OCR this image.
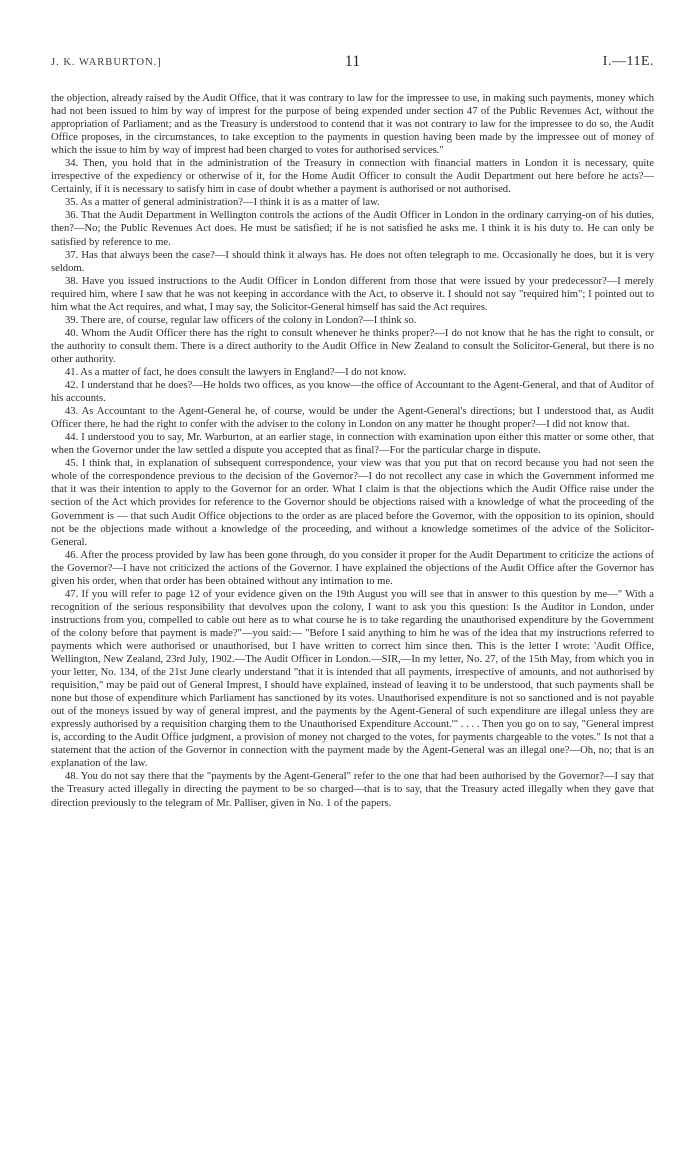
J. K. WARBURTON.]	11	I.—11E.

the objection, already raised by the Audit Office, that it was contrary to law for the impressee to use, in making such payments, money which had not been issued to him by way of imprest for the purpose of being expended under section 47 of the Public Revenues Act, without the appropriation of Parliament; and as the Treasury is understood to contend that it was not contrary to law for the impressee to do so, the Audit Office proposes, in the circumstances, to take exception to the payments in question having been made by the impressee out of money of which the issue to him by way of imprest had been charged to votes for authorised services."

34. Then, you hold that in the administration of the Treasury in connection with financial matters in London it is necessary, quite irrespective of the expediency or otherwise of it, for the Home Audit Officer to consult the Audit Department out here before he acts?—Certainly, if it is necessary to satisfy him in case of doubt whether a payment is authorised or not authorised.

35. As a matter of general administration?—I think it is as a matter of law.

36. That the Audit Department in Wellington controls the actions of the Audit Officer in London in the ordinary carrying-on of his duties, then?—No; the Public Revenues Act does. He must be satisfied; if he is not satisfied he asks me. I think it is his duty to. He can only be satisfied by reference to me.

37. Has that always been the case?—I should think it always has. He does not often telegraph to me. Occasionally he does, but it is very seldom.

38. Have you issued instructions to the Audit Officer in London different from those that were issued by your predecessor?—I merely required him, where I saw that he was not keeping in accordance with the Act, to observe it. I should not say "required him"; I pointed out to him what the Act requires, and what, I may say, the Solicitor-General himself has said the Act requires.

39. There are, of course, regular law officers of the colony in London?—I think so.

40. Whom the Audit Officer there has the right to consult whenever he thinks proper?—I do not know that he has the right to consult, or the authority to consult them. There is a direct authority to the Audit Office in New Zealand to consult the Solicitor-General, but there is no other authority.

41. As a matter of fact, he does consult the lawyers in England?—I do not know.

42. I understand that he does?—He holds two offices, as you know—the office of Accountant to the Agent-General, and that of Auditor of his accounts.

43. As Accountant to the Agent-General he, of course, would be under the Agent-General's directions; but I understood that, as Audit Officer there, he had the right to confer with the adviser to the colony in London on any matter he thought proper?—I did not know that.

44. I understood you to say, Mr. Warburton, at an earlier stage, in connection with examination upon either this matter or some other, that when the Governor under the law settled a dispute you accepted that as final?—For the particular charge in dispute.

45. I think that, in explanation of subsequent correspondence, your view was that you put that on record because you had not seen the whole of the correspondence previous to the decision of the Governor?—I do not recollect any case in which the Government informed me that it was their intention to apply to the Governor for an order. What I claim is that the objections which the Audit Office raise under the section of the Act which provides for reference to the Governor should be objections raised with a knowledge of what the proceeding of the Government is — that such Audit Office objections to the order as are placed before the Governor, with the opposition to its opinion, should not be the objections made without a knowledge of the proceeding, and without a knowledge sometimes of the advice of the Solicitor-General.

46. After the process provided by law has been gone through, do you consider it proper for the Audit Department to criticize the actions of the Governor?—I have not criticized the actions of the Governor. I have explained the objections of the Audit Office after the Governor has given his order, when that order has been obtained without any intimation to me.

47. If you will refer to page 12 of your evidence given on the 19th August you will see that in answer to this question by me—" With a recognition of the serious responsibility that devolves upon the colony, I want to ask you this question: Is the Auditor in London, under instructions from you, compelled to cable out here as to what course he is to take regarding the unauthorised expenditure by the Government of the colony before that payment is made?"—you said:— "Before I said anything to him he was of the idea that my instructions referred to payments which were authorised or unauthorised, but I have written to correct him since then. This is the letter I wrote: 'Audit Office, Wellington, New Zealand, 23rd July, 1902.—The Audit Officer in London.—SIR,—In my letter, No. 27, of the 15th May, from which you in your letter, No. 134, of the 21st June clearly understand "that it is intended that all payments, irrespective of amounts, and not authorised by requisition," may be paid out of General Imprest, I should have explained, instead of leaving it to be understood, that such payments shall be none but those of expenditure which Parliament has sanctioned by its votes. Unauthorised expenditure is not so sanctioned and is not payable out of the moneys issued by way of general imprest, and the payments by the Agent-General of such expenditure are illegal unless they are expressly authorised by a requisition charging them to the Unauthorised Expenditure Account.'" . . . . Then you go on to say, "General imprest is, according to the Audit Office judgment, a provision of money not charged to the votes, for payments chargeable to the votes." Is not that a statement that the action of the Governor in connection with the payment made by the Agent-General was an illegal one?—Oh, no; that is an explanation of the law.

48. You do not say there that the "payments by the Agent-General" refer to the one that had been authorised by the Governor?—I say that the Treasury acted illegally in directing the payment to be so charged—that is to say, that the Treasury acted illegally when they gave that direction previously to the telegram of Mr. Palliser, given in No. 1 of the papers.
